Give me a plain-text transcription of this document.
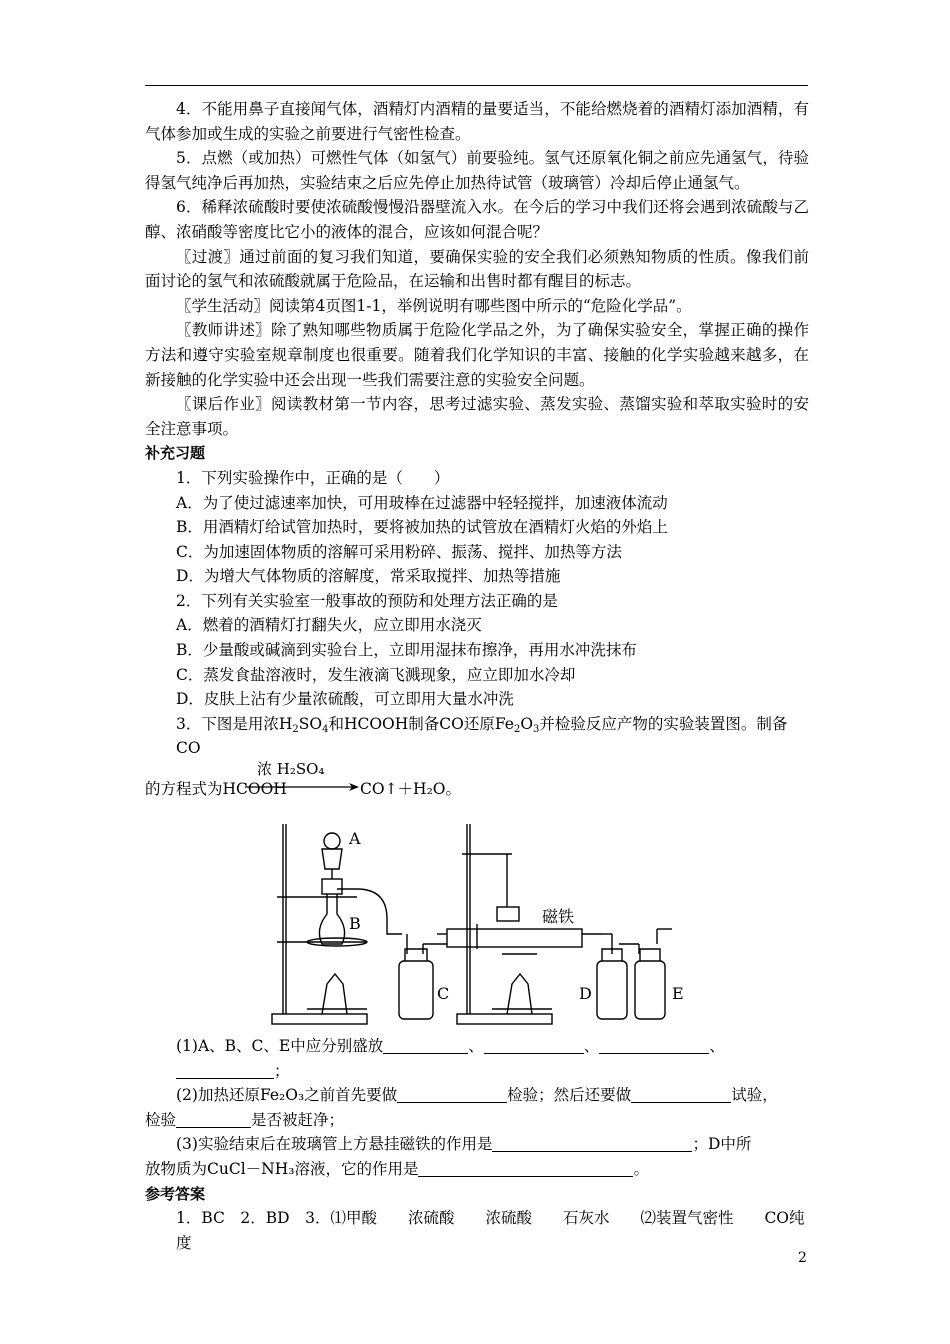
4．不能用鼻子直接闻气体，酒精灯内酒精的量要适当，不能给燃烧着的酒精灯添加酒精，有气体参加或生成的实验之前要进行气密性检查。

5．点燃（或加热）可燃性气体（如氢气）前要验纯。氢气还原氧化铜之前应先通氢气，待验得氢气纯净后再加热，实验结束之后应先停止加热待试管（玻璃管）冷却后停止通氢气。

6．稀释浓硫酸时要使浓硫酸慢慢沿器壁流入水。在今后的学习中我们还将会遇到浓硫酸与乙醇、浓硝酸等密度比它小的液体的混合，应该如何混合呢？

〖过渡〗通过前面的复习我们知道，要确保实验的安全我们必须熟知物质的性质。像我们前面讨论的氢气和浓硫酸就属于危险品，在运输和出售时都有醒目的标志。

〖学生活动〗阅读第4页图1-1，举例说明有哪些图中所示的“危险化学品”。

〖教师讲述〗除了熟知哪些物质属于危险化学品之外，为了确保实验安全，掌握正确的操作方法和遵守实验室规章制度也很重要。随着我们化学知识的丰富、接触的化学实验越来越多，在新接触的化学实验中还会出现一些我们需要注意的实验安全问题。

〖课后作业〗阅读教材第一节内容，思考过滤实验、蒸发实验、蒸馏实验和萃取实验时的安全注意事项。

补充习题

1．下列实验操作中，正确的是（　　）

A．为了使过滤速率加快，可用玻棒在过滤器中轻轻搅拌，加速液体流动

B．用酒精灯给试管加热时，要将被加热的试管放在酒精灯火焰的外焰上

C．为加速固体物质的溶解可采用粉碎、振荡、搅拌、加热等方法

D．为增大气体物质的溶解度，常采取搅拌、加热等措施

2．下列有关实验室一般事故的预防和处理方法正确的是

A．燃着的酒精灯打翻失火，应立即用水浇灭

B．少量酸或碱滴到实验台上，立即用湿抹布擦净，再用水冲洗抹布

C．蒸发食盐溶液时，发生液滴飞溅现象，应立即加水冷却

D．皮肤上沾有少量浓硫酸，可立即用大量水冲洗

3．下图是用浓$H_2SO_4$和HCOOH制备CO还原$Fe_2O_3$并检验反应产物的实验装置图。制备CO

的方程式为HCOOH
浓 H₂SO₄
CO↑＋H₂O。
A
B
C
磁铁
D	E

(1)A、B、C、E中应分别盛放	、	、	、；

(2)加热还原Fe₂O₃之前首先要做	检验；然后还要做	试验，

检验	是否被赶净；

(3)实验结束后在玻璃管上方悬挂磁铁的作用是	；D中所

放物质为CuCl－NH₃溶液，它的作用是	。

参考答案

1．BC　2．BD　3．⑴甲酸　　浓硫酸　　浓硫酸　　石灰水　　⑵装置气密性　　CO纯度

2
